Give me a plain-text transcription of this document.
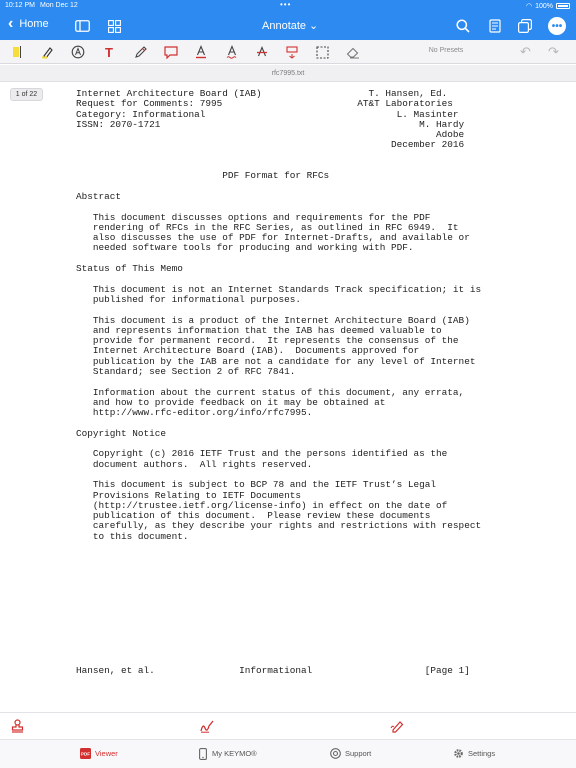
10:12 PM Mon Dec 12	•••	◠ 100%
‹ Home	Annotate ⌄	•••
T	No Presets	↶ ↷
rfc7995.txt
1 of 22	Internet Architecture Board (IAB)                   T. Hansen, Ed.
Request for Comments: 7995                        AT&T Laboratories
Category: Informational                                  L. Masinter
ISSN: 2070-1721                                              M. Hardy
Adobe
December 2016
PDF Format for RFCs
Abstract
This document discusses options and requirements for the PDF
rendering of RFCs in the RFC Series, as outlined in RFC 6949.  It
also discusses the use of PDF for Internet-Drafts, and available or
needed software tools for producing and working with PDF.
Status of This Memo
This document is not an Internet Standards Track specification; it is
published for informational purposes.
This document is a product of the Internet Architecture Board (IAB)
and represents information that the IAB has deemed valuable to
provide for permanent record.  It represents the consensus of the
Internet Architecture Board (IAB).  Documents approved for
publication by the IAB are not a candidate for any level of Internet
Standard; see Section 2 of RFC 7841.
Information about the current status of this document, any errata,
and how to provide feedback on it may be obtained at
http://www.rfc-editor.org/info/rfc7995.
Copyright Notice
Copyright (c) 2016 IETF Trust and the persons identified as the
document authors.  All rights reserved.
This document is subject to BCP 78 and the IETF Trust’s Legal
Provisions Relating to IETF Documents
(http://trustee.ietf.org/license-info) in effect on the date of
publication of this document.  Please review these documents
carefully, as they describe your rights and restrictions with respect
to this document.
Hansen, et al.               Informational                    [Page 1]
PDF Viewer	My KEYMO®	Support	Settings
